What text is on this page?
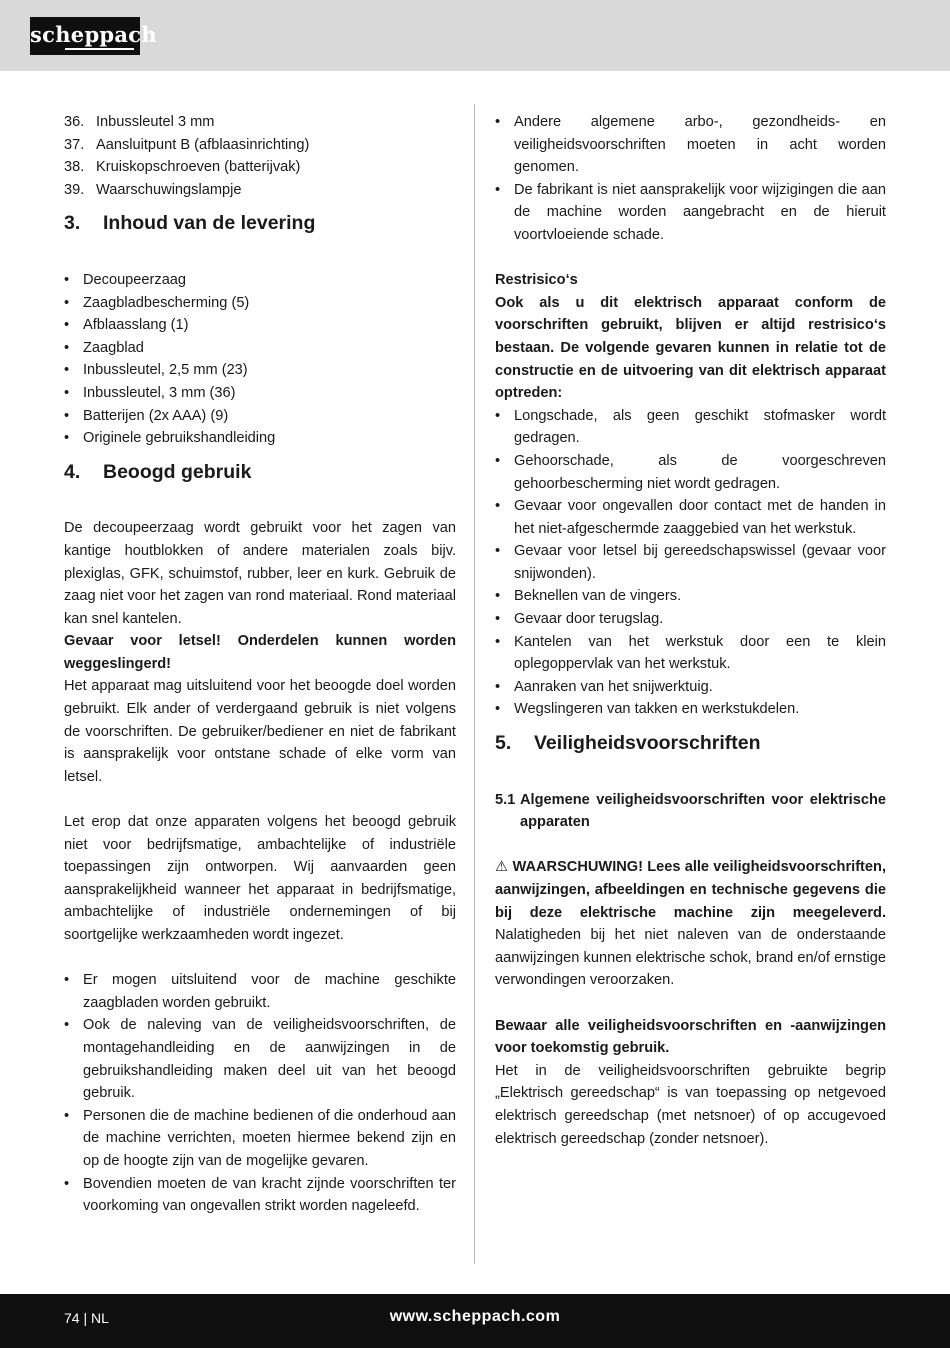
scheppach
36. Inbussleutel 3 mm
37. Aansluitpunt B (afblaasinrichting)
38. Kruiskopschroeven (batterijvak)
39. Waarschuwingslampje
3. Inhoud van de levering
• Decoupeerzaag
• Zaagbladbescherming (5)
• Afblaasslang (1)
• Zaagblad
• Inbussleutel, 2,5 mm (23)
• Inbussleutel, 3 mm (36)
• Batterijen (2x AAA) (9)
• Originele gebruikshandleiding
4. Beoogd gebruik

De decoupeerzaag wordt gebruikt voor het zagen van kantige houtblokken of andere materialen zoals bijv. plexiglas, GFK, schuimstof, rubber, leer en kurk. Gebruik de zaag niet voor het zagen van rond materiaal. Rond materiaal kan snel kantelen.

Gevaar voor letsel! Onderdelen kunnen worden weggeslingerd!

Het apparaat mag uitsluitend voor het beoogde doel worden gebruikt. Elk ander of verdergaand gebruik is niet volgens de voorschriften. De gebruiker/bediener en niet de fabrikant is aansprakelijk voor ontstane schade of elke vorm van letsel.

Let erop dat onze apparaten volgens het beoogd gebruik niet voor bedrijfsmatige, ambachtelijke of industriële toepassingen zijn ontworpen. Wij aanvaarden geen aansprakelijkheid wanneer het apparaat in bedrijfsmatige, ambachtelijke of industriële ondernemingen of bij soortgelijke werkzaamheden wordt ingezet.

• Er mogen uitsluitend voor de machine geschikte zaagbladen worden gebruikt.
• Ook de naleving van de veiligheidsvoorschriften, de montagehandleiding en de aanwijzingen in de gebruikshandleiding maken deel uit van het beoogd gebruik.
• Personen die de machine bedienen of die onderhoud aan de machine verrichten, moeten hiermee bekend zijn en op de hoogte zijn van de mogelijke gevaren.
• Bovendien moeten de van kracht zijnde voorschriften ter voorkoming van ongevallen strikt worden nageleefd.
• Andere algemene arbo-, gezondheids- en veiligheidsvoorschriften moeten in acht worden genomen.
• De fabrikant is niet aansprakelijk voor wijzigingen die aan de machine worden aangebracht en de hieruit voortvloeiende schade.

Restrisico‘s

Ook als u dit elektrisch apparaat conform de voorschriften gebruikt, blijven er altijd restrisico‘s bestaan. De volgende gevaren kunnen in relatie tot de constructie en de uitvoering van dit elektrisch apparaat optreden:

• Longschade, als geen geschikt stofmasker wordt gedragen.
• Gehoorschade, als de voorgeschreven gehoorbescherming niet wordt gedragen.
• Gevaar voor ongevallen door contact met de handen in het niet-afgeschermde zaaggebied van het werkstuk.
• Gevaar voor letsel bij gereedschapswissel (gevaar voor snijwonden).
• Beknellen van de vingers.
• Gevaar door terugslag.
• Kantelen van het werkstuk door een te klein oplegoppervlak van het werkstuk.
• Aanraken van het snijwerktuig.
• Wegslingeren van takken en werkstukdelen.
5. Veiligheidsvoorschriften
5.1 Algemene veiligheidsvoorschriften voor elektrische apparaten

⚠ WAARSCHUWING! Lees alle veiligheidsvoorschriften, aanwijzingen, afbeeldingen en technische gegevens die bij deze elektrische machine zijn meegeleverd. Nalatigheden bij het niet naleven van de onderstaande aanwijzingen kunnen elektrische schok, brand en/of ernstige verwondingen veroorzaken.

Bewaar alle veiligheidsvoorschriften en -aanwijzingen voor toekomstig gebruik.

Het in de veiligheidsvoorschriften gebruikte begrip „Elektrisch gereedschap“ is van toepassing op netgevoed elektrisch gereedschap (met netsnoer) of op accugevoed elektrisch gereedschap (zonder netsnoer).

74 | NL	www.scheppach.com
